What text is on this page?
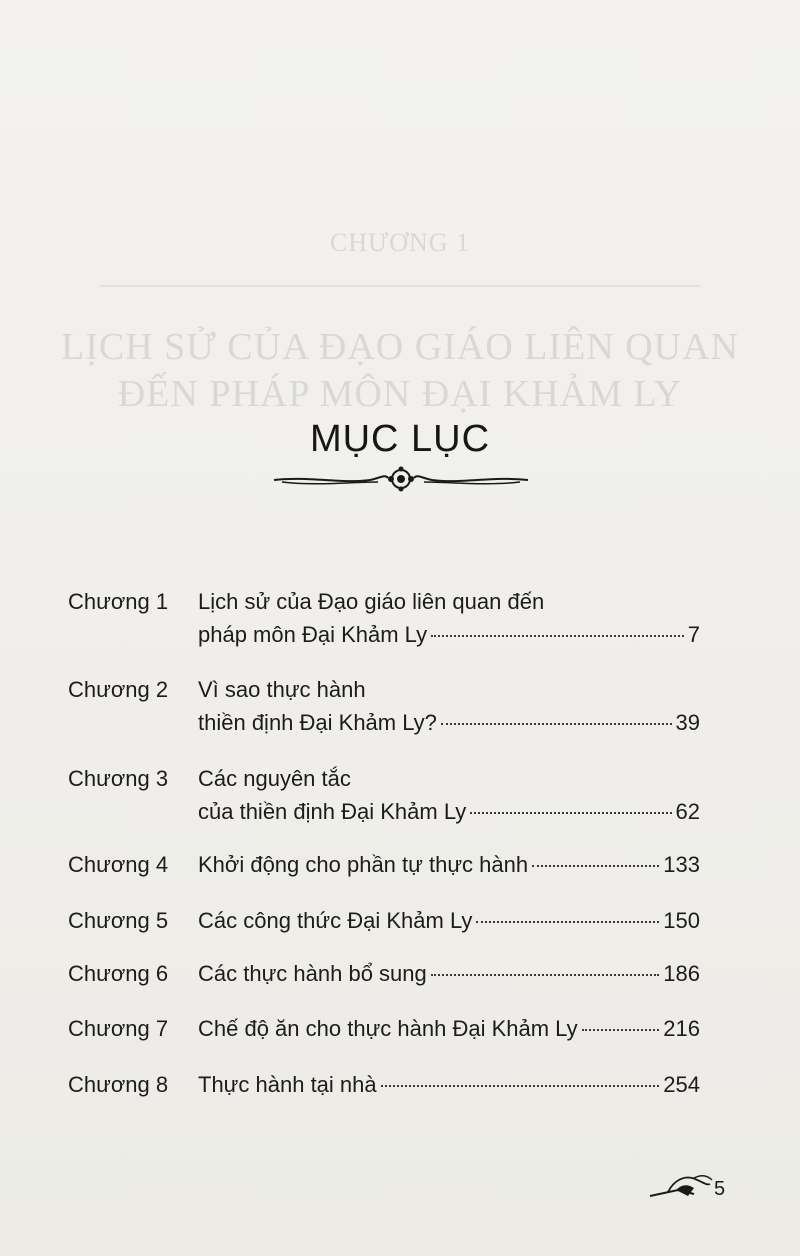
CHƯƠNG 1
LỊCH SỬ CỦA ĐẠO GIÁO LIÊN QUAN
ĐẾN PHÁP MÔN ĐẠI KHẢM LY
MỤC LỤC
Chương 1 Lịch sử của Đạo giáo liên quan đến
pháp môn Đại Khảm Ly	7
Chương 2 Vì sao thực hành
thiền định Đại Khảm Ly?	39
Chương 3 Các nguyên tắc
của thiền định Đại Khảm Ly	62
Chương 4 Khởi động cho phần tự thực hành	133
Chương 5 Các công thức Đại Khảm Ly	150
Chương 6 Các thực hành bổ sung	186
Chương 7 Chế độ ăn cho thực hành Đại Khảm Ly	216
Chương 8 Thực hành tại nhà	254
5
